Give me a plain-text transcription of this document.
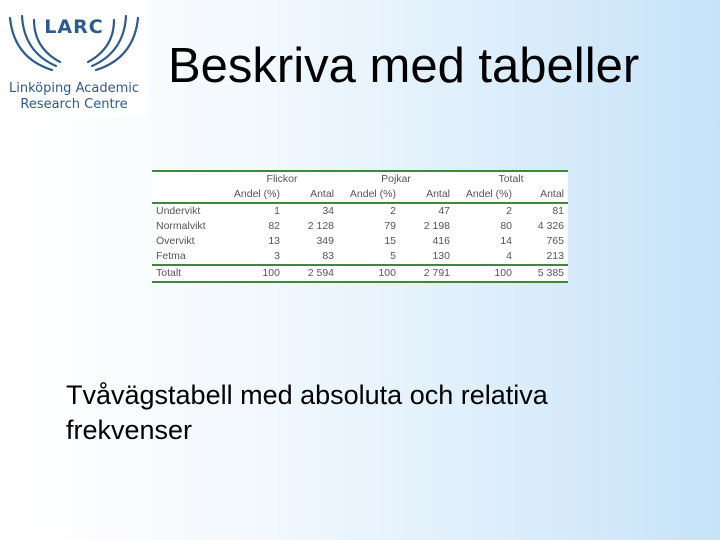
LARC
Linköping Academic
Research Centre
Beskriva med tabeller
	Flickor		Pojkar		Totalt	
	Andel (%)	Antal	Andel (%)	Antal	Andel (%)	Antal
Undervikt	1	34	2	47	2	81
Normalvikt	82	2 128	79	2 198	80	4 326
Övervikt	13	349	15	416	14	765
Fetma	3	83	5	130	4	213
Totalt	100	2 594	100	2 791	100	5 385

Tvåvägstabell med absoluta och relativa frekvenser
